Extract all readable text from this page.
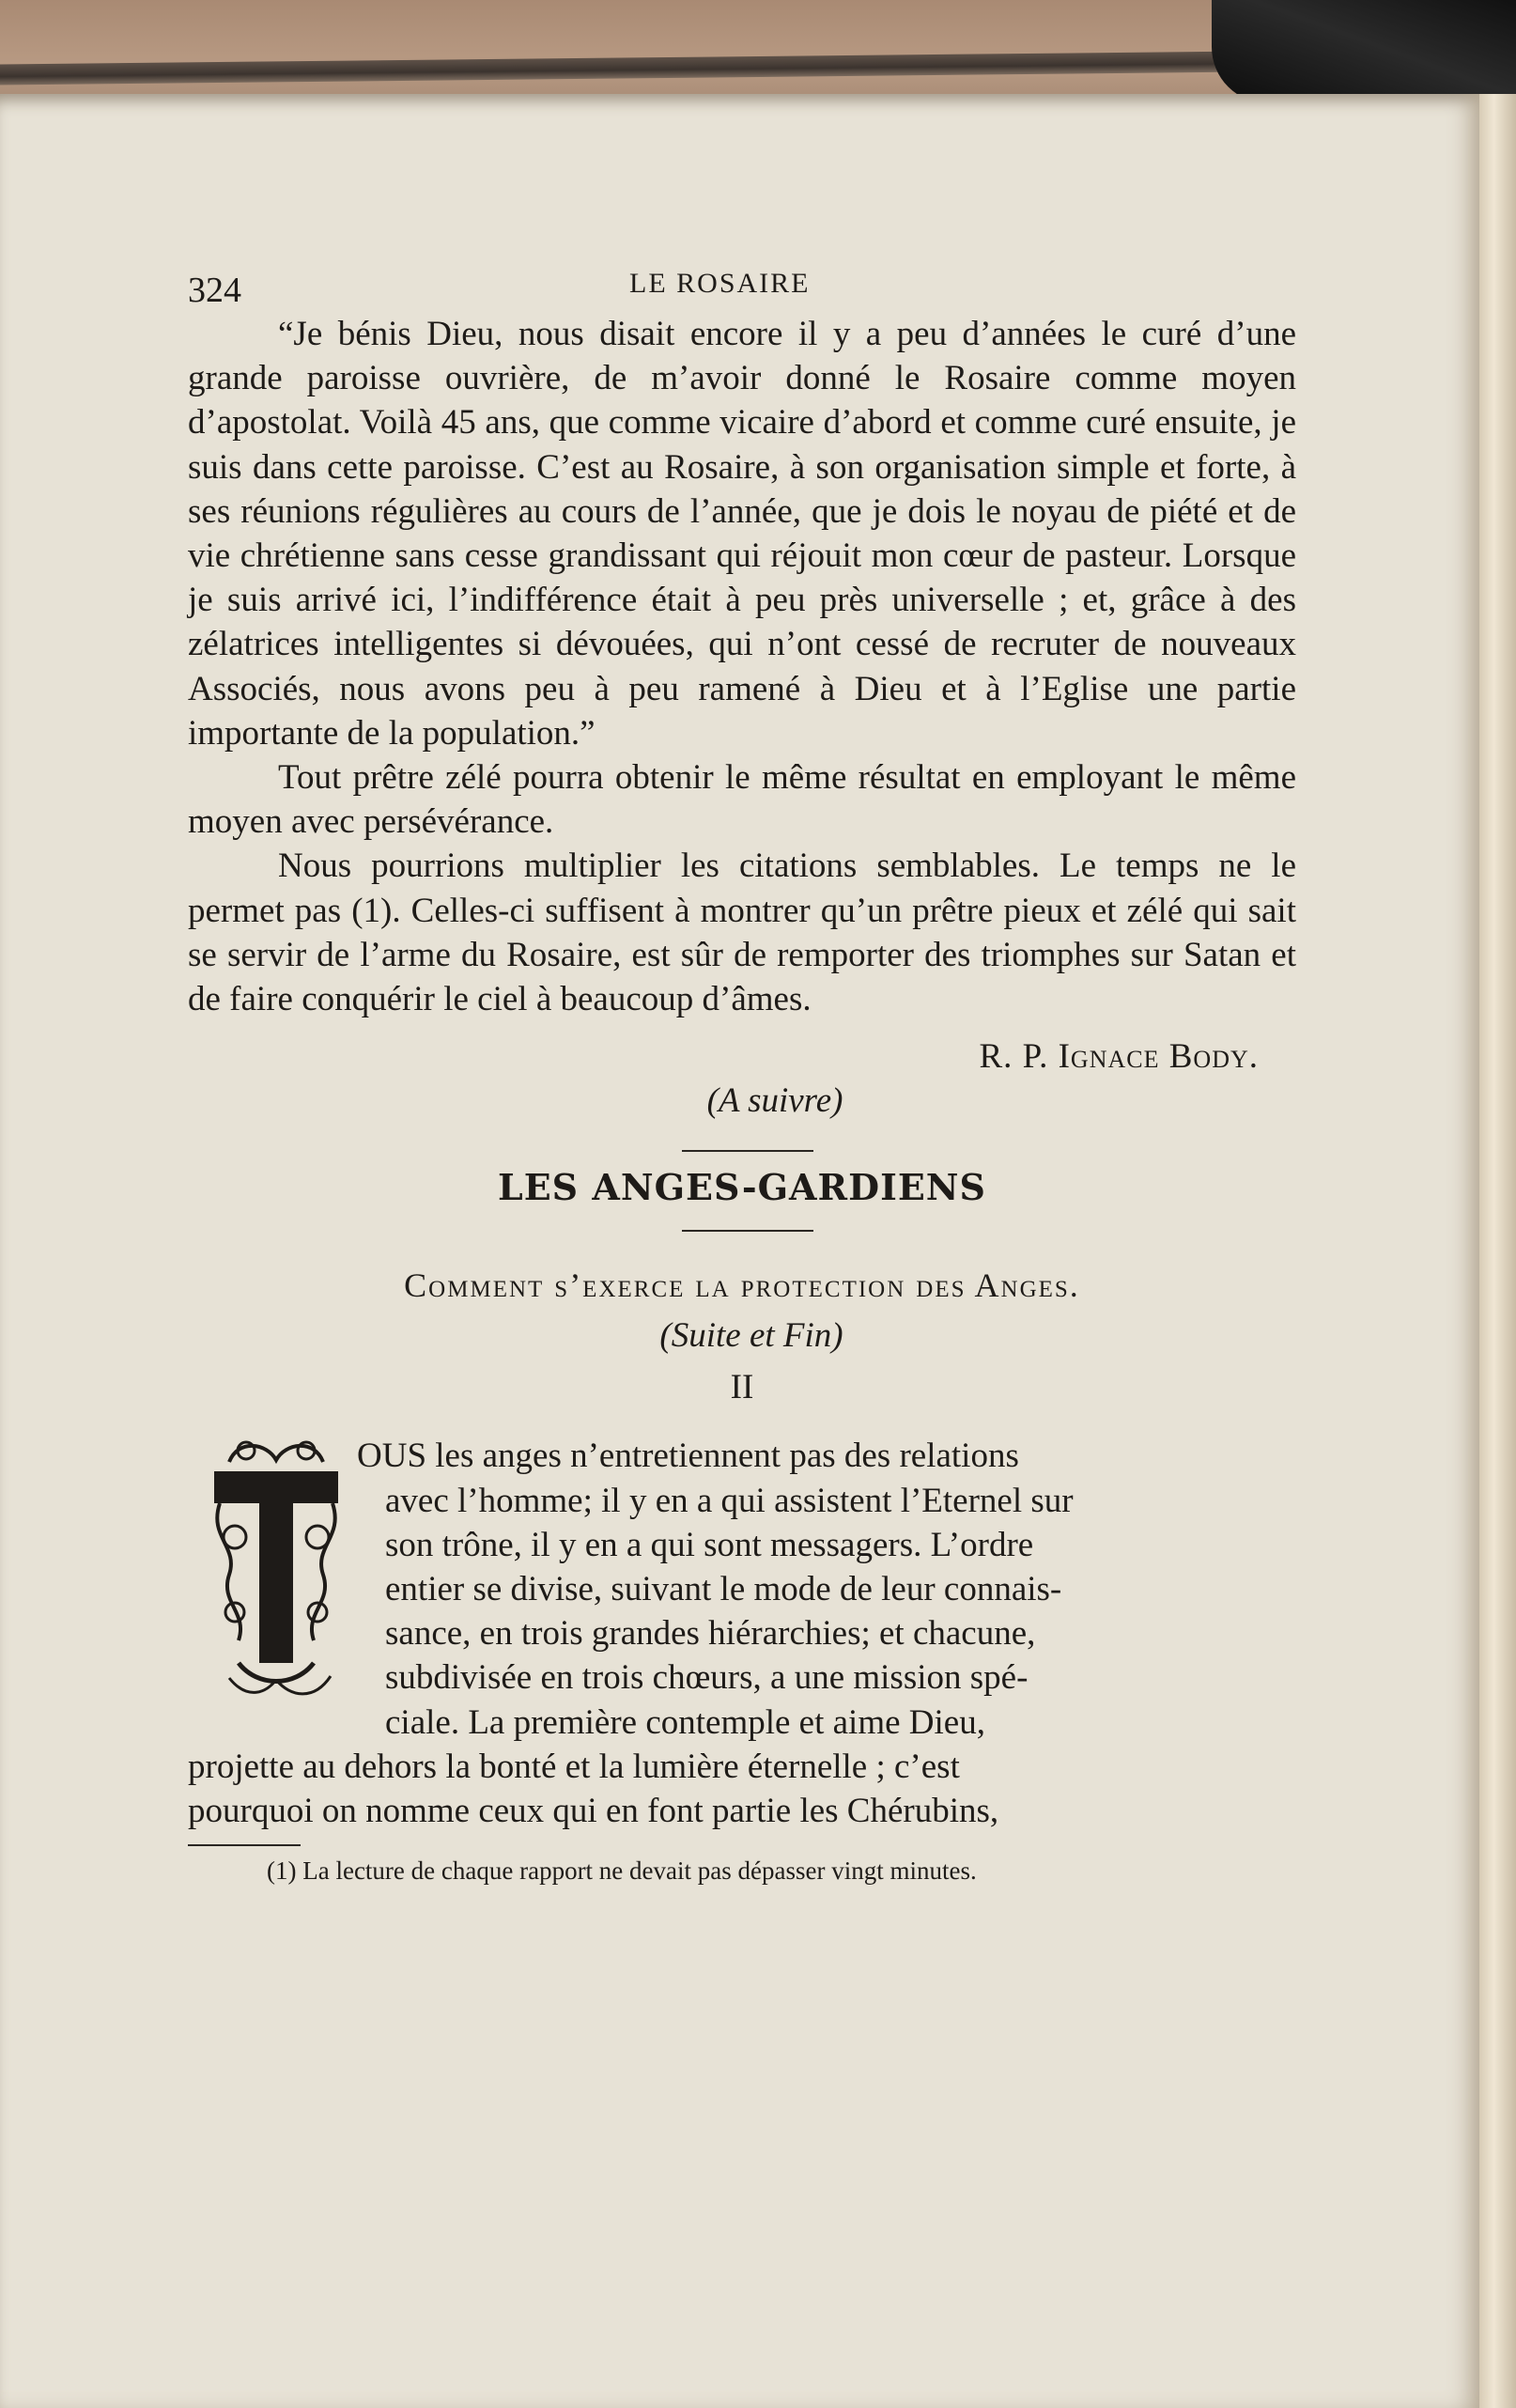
324	LE ROSAIRE

“Je bénis Dieu, nous disait encore il y a peu d’années le curé d’une grande paroisse ouvrière, de m’avoir donné le Rosaire comme moyen d’apostolat. Voilà 45 ans, que comme vicaire d’abord et comme curé ensuite, je suis dans cette paroisse. C’est au Rosaire, à son organisation simple et forte, à ses réunions régulières au cours de l’année, que je dois le noyau de piété et de vie chrétienne sans cesse grandissant qui réjouit mon cœur de pasteur. Lorsque je suis arrivé ici, l’indifférence était à peu près universelle ; et, grâce à des zélatrices intelligentes si dévouées, qui n’ont cessé de recruter de nouveaux Associés, nous avons peu à peu ramené à Dieu et à l’Eglise une partie importante de la population.”

Tout prêtre zélé pourra obtenir le même résultat en employant le même moyen avec persévérance.

Nous pourrions multiplier les citations semblables. Le temps ne le permet pas (1). Celles-ci suffisent à montrer qu’un prêtre pieux et zélé qui sait se servir de l’arme du Rosaire, est sûr de remporter des triomphes sur Satan et de faire conquérir le ciel à beaucoup d’âmes.

R. P. Ignace Body.
(A suivre)
LES ANGES-GARDIENS
Comment s’exerce la protection des Anges.
(Suite et Fin)
II

OUS les anges n’entretiennent pas des relations

avec l’homme; il y en a qui assistent l’Eternel sur

son trône, il y en a qui sont messagers. L’ordre

entier se divise, suivant le mode de leur connais-

sance, en trois grandes hiérarchies; et chacune,

subdivisée en trois chœurs, a une mission spé-

ciale. La première contemple et aime Dieu,

projette au dehors la bonté et la lumière éternelle ; c’est

pourquoi on nomme ceux qui en font partie les Chérubins,

(1) La lecture de chaque rapport ne devait pas dépasser vingt minutes.
